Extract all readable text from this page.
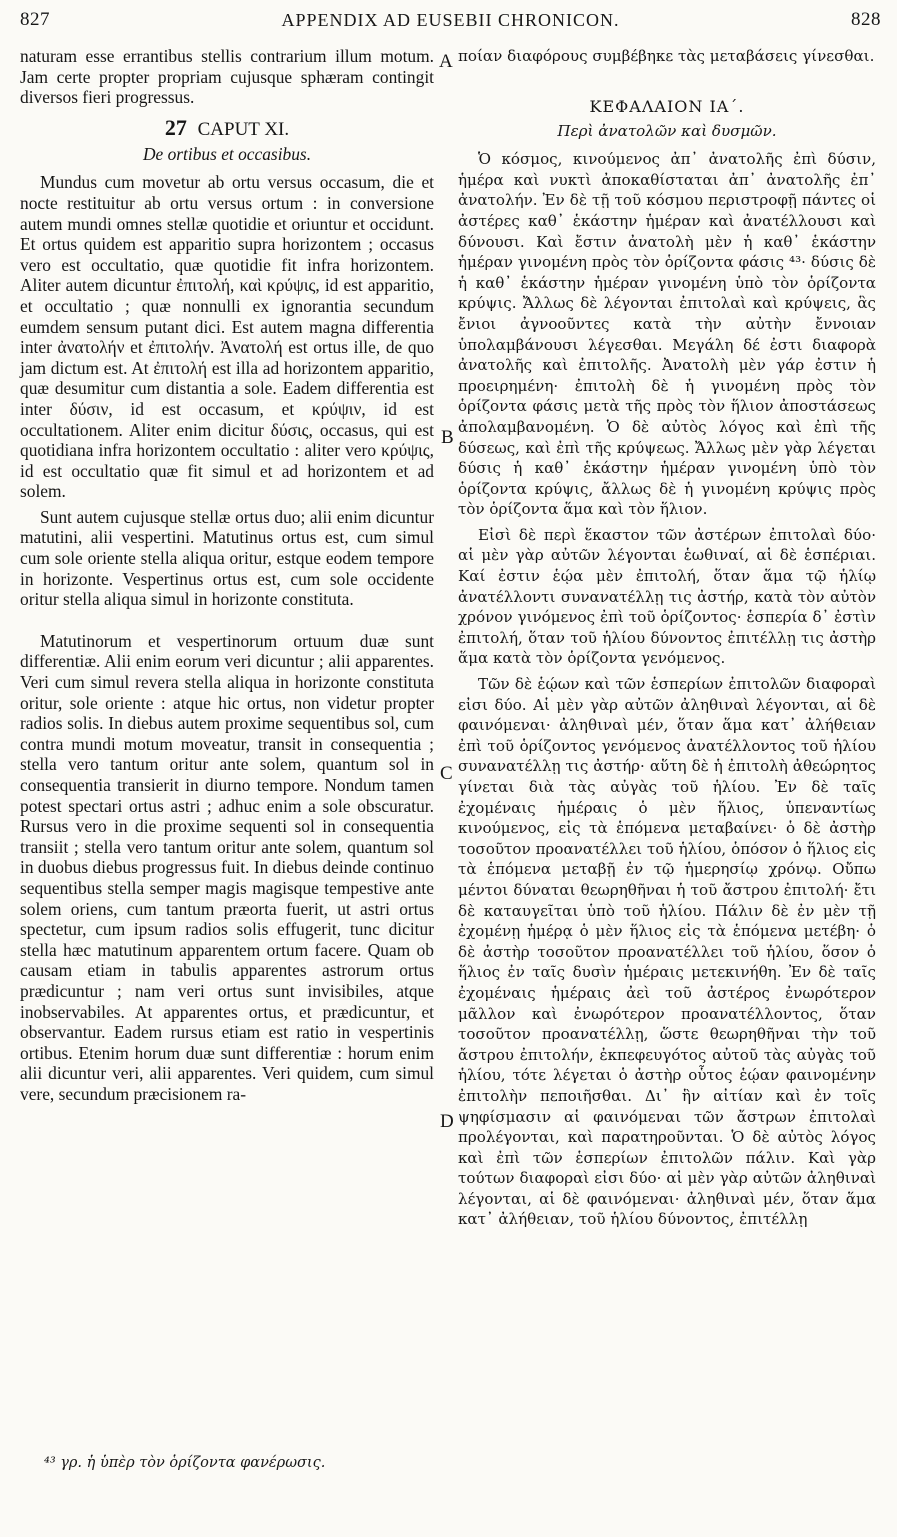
827	APPENDIX AD EUSEBII CHRONICON.	828

naturam esse errantibus stellis contrarium illum motum. Jam certe propter propriam cujusque sphæram contingit diversos fieri progressus.

27 CAPUT XI.
De ortibus et occasibus.

Mundus cum movetur ab ortu versus occasum, die et nocte restituitur ab ortu versus ortum : in conversione autem mundi omnes stellæ quotidie et oriuntur et occidunt. Et ortus quidem est apparitio supra horizontem ; occasus vero est occultatio, quæ quotidie fit infra horizontem. Aliter autem dicuntur ἐπιτολή, καὶ κρύψις, id est apparitio, et occultatio ; quæ nonnulli ex ignorantia secundum eumdem sensum putant dici. Est autem magna differentia inter ἀνατολήν et ἐπιτολήν. Ἀνατολή est ortus ille, de quo jam dictum est. At ἐπιτολή est illa ad horizontem apparitio, quæ desumitur cum distantia a sole. Eadem differentia est inter δύσιν, id est occasum, et κρύψιν, id est occultationem. Aliter enim dicitur δύσις, occasus, qui est quotidiana infra horizontem occultatio : aliter vero κρύψις, id est occultatio quæ fit simul et ad horizontem et ad solem.

Sunt autem cujusque stellæ ortus duo; alii enim dicuntur matutini, alii vespertini. Matutinus ortus est, cum simul cum sole oriente stella aliqua oritur, estque eodem tempore in horizonte. Vespertinus ortus est, cum sole occidente oritur stella aliqua simul in horizonte constituta.

Matutinorum et vespertinorum ortuum duæ sunt differentiæ. Alii enim eorum veri dicuntur ; alii apparentes. Veri cum simul revera stella aliqua in horizonte constituta oritur, sole oriente : atque hic ortus, non videtur propter radios solis. In diebus autem proxime sequentibus sol, cum contra mundi motum moveatur, transit in consequentia ; stella vero tantum oritur ante solem, quantum sol in consequentia transierit in diurno tempore. Nondum tamen potest spectari ortus astri ; adhuc enim a sole obscuratur. Rursus vero in die proxime sequenti sol in consequentia transiit ; stella vero tantum oritur ante solem, quantum sol in duobus diebus progressus fuit. In diebus deinde continuo sequentibus stella semper magis magisque tempestive ante solem oriens, cum tantum præorta fuerit, ut astri ortus spectetur, cum ipsum radios solis effugerit, tunc dicitur stella hæc matutinum apparentem ortum facere. Quam ob causam etiam in tabulis apparentes astrorum ortus prædicuntur ; nam veri ortus sunt invisibiles, atque inobservabiles. At apparentes ortus, et prædicuntur, et observantur. Eadem rursus etiam est ratio in vespertinis ortibus. Etenim horum duæ sunt differentiæ : horum enim alii dicuntur veri, alii apparentes. Veri quidem, cum simul vere, secundum præcisionem ra-

A
B
C
D

ποίαν διαφόρους συμβέβηκε τὰς μεταβάσεις γίνεσθαι.

ΚΕΦΑΛΑΙΟΝ ΙΑ΄.
Περὶ ἀνατολῶν καὶ δυσμῶν.

Ὁ κόσμος, κινούμενος ἀπ᾽ ἀνατολῆς ἐπὶ δύσιν, ἡμέρα καὶ νυκτὶ ἀποκαθίσταται ἀπ᾽ ἀνατολῆς ἐπ᾽ ἀνατολήν. Ἐν δὲ τῇ τοῦ κόσμου περιστροφῇ πάντες οἱ ἀστέρες καθ᾽ ἑκάστην ἡμέραν καὶ ἀνατέλλουσι καὶ δύνουσι. Καὶ ἔστιν ἀνατολὴ μὲν ἡ καθ᾽ ἑκάστην ἡμέραν γινομένη πρὸς τὸν ὁρίζοντα φάσις ⁴³· δύσις δὲ ἡ καθ᾽ ἑκάστην ἡμέραν γινομένη ὑπὸ τὸν ὁρίζοντα κρύψις. Ἄλλως δὲ λέγονται ἐπιτολαὶ καὶ κρύψεις, ἃς ἔνιοι ἀγνοοῦντες κατὰ τὴν αὐτὴν ἔννοιαν ὑπολαμβάνουσι λέγεσθαι. Μεγάλη δέ ἐστι διαφορὰ ἀνατολῆς καὶ ἐπιτολῆς. Ἀνατολὴ μὲν γάρ ἐστιν ἡ προειρημένη· ἐπιτολὴ δὲ ἡ γινομένη πρὸς τὸν ὁρίζοντα φάσις μετὰ τῆς πρὸς τὸν ἥλιον ἀποστάσεως ἀπολαμβανομένη. Ὁ δὲ αὐτὸς λόγος καὶ ἐπὶ τῆς δύσεως, καὶ ἐπὶ τῆς κρύψεως. Ἄλλως μὲν γὰρ λέγεται δύσις ἡ καθ᾽ ἑκάστην ἡμέραν γινομένη ὑπὸ τὸν ὁρίζοντα κρύψις, ἄλλως δὲ ἡ γινομένη κρύψις πρὸς τὸν ὁρίζοντα ἅμα καὶ τὸν ἥλιον.

Εἰσὶ δὲ περὶ ἕκαστον τῶν ἀστέρων ἐπιτολαὶ δύο· αἱ μὲν γὰρ αὐτῶν λέγονται ἑωθιναί, αἱ δὲ ἑσπέριαι. Καί ἐστιν ἑῴα μὲν ἐπιτολή, ὅταν ἅμα τῷ ἡλίῳ ἀνατέλλοντι συνανατέλλῃ τις ἀστήρ, κατὰ τὸν αὐτὸν χρόνον γινόμενος ἐπὶ τοῦ ὁρίζοντος· ἑσπερία δ᾽ ἐστὶν ἐπιτολή, ὅταν τοῦ ἡλίου δύνοντος ἐπιτέλλῃ τις ἀστὴρ ἅμα κατὰ τὸν ὁρίζοντα γενόμενος.

Τῶν δὲ ἑῴων καὶ τῶν ἑσπερίων ἐπιτολῶν διαφοραὶ εἰσι δύο. Αἱ μὲν γὰρ αὐτῶν ἀληθιναὶ λέγονται, αἱ δὲ φαινόμεναι· ἀληθιναὶ μέν, ὅταν ἅμα κατ᾽ ἀλήθειαν ἐπὶ τοῦ ὁρίζοντος γενόμενος ἀνατέλλοντος τοῦ ἡλίου συνανατέλλῃ τις ἀστήρ· αὕτη δὲ ἡ ἐπιτολὴ ἀθεώρητος γίνεται διὰ τὰς αὐγὰς τοῦ ἡλίου. Ἐν δὲ ταῖς ἐχομέναις ἡμέραις ὁ μὲν ἥλιος, ὑπεναντίως κινούμενος, εἰς τὰ ἑπόμενα μεταβαίνει· ὁ δὲ ἀστὴρ τοσοῦτον προανατέλλει τοῦ ἡλίου, ὁπόσον ὁ ἥλιος εἰς τὰ ἑπόμενα μεταβῇ ἐν τῷ ἡμερησίῳ χρόνῳ. Οὔπω μέντοι δύναται θεωρηθῆναι ἡ τοῦ ἄστρου ἐπιτολή· ἔτι δὲ καταυγεῖται ὑπὸ τοῦ ἡλίου. Πάλιν δὲ ἐν μὲν τῇ ἐχομένῃ ἡμέρᾳ ὁ μὲν ἥλιος εἰς τὰ ἑπόμενα μετέβη· ὁ δὲ ἀστὴρ τοσοῦτον προανατέλλει τοῦ ἡλίου, ὅσον ὁ ἥλιος ἐν ταῖς δυσὶν ἡμέραις μετεκινήθη. Ἐν δὲ ταῖς ἐχομέναις ἡμέραις ἀεὶ τοῦ ἀστέρος ἐνωρότερον μᾶλλον καὶ ἐνωρότερον προανατέλλοντος, ὅταν τοσοῦτον προανατέλλῃ, ὥστε θεωρηθῆναι τὴν τοῦ ἄστρου ἐπιτολήν, ἐκπεφευγότος αὐτοῦ τὰς αὐγὰς τοῦ ἡλίου, τότε λέγεται ὁ ἀστὴρ οὗτος ἑῴαν φαινομένην ἐπιτολὴν πεποιῆσθαι. Δι᾽ ἣν αἰτίαν καὶ ἐν τοῖς ψηφίσμασιν αἱ φαινόμεναι τῶν ἄστρων ἐπιτολαὶ προλέγονται, καὶ παρατηροῦνται. Ὁ δὲ αὐτὸς λόγος καὶ ἐπὶ τῶν ἑσπερίων ἐπιτολῶν πάλιν. Καὶ γὰρ τούτων διαφοραὶ εἰσι δύο· αἱ μὲν γὰρ αὐτῶν ἀληθιναὶ λέγονται, αἱ δὲ φαινόμεναι· ἀληθιναὶ μέν, ὅταν ἅμα κατ᾽ ἀλήθειαν, τοῦ ἡλίου δύνοντος, ἐπιτέλλῃ

⁴³ γρ. ἡ ὑπὲρ τὸν ὁρίζοντα φανέρωσις.
